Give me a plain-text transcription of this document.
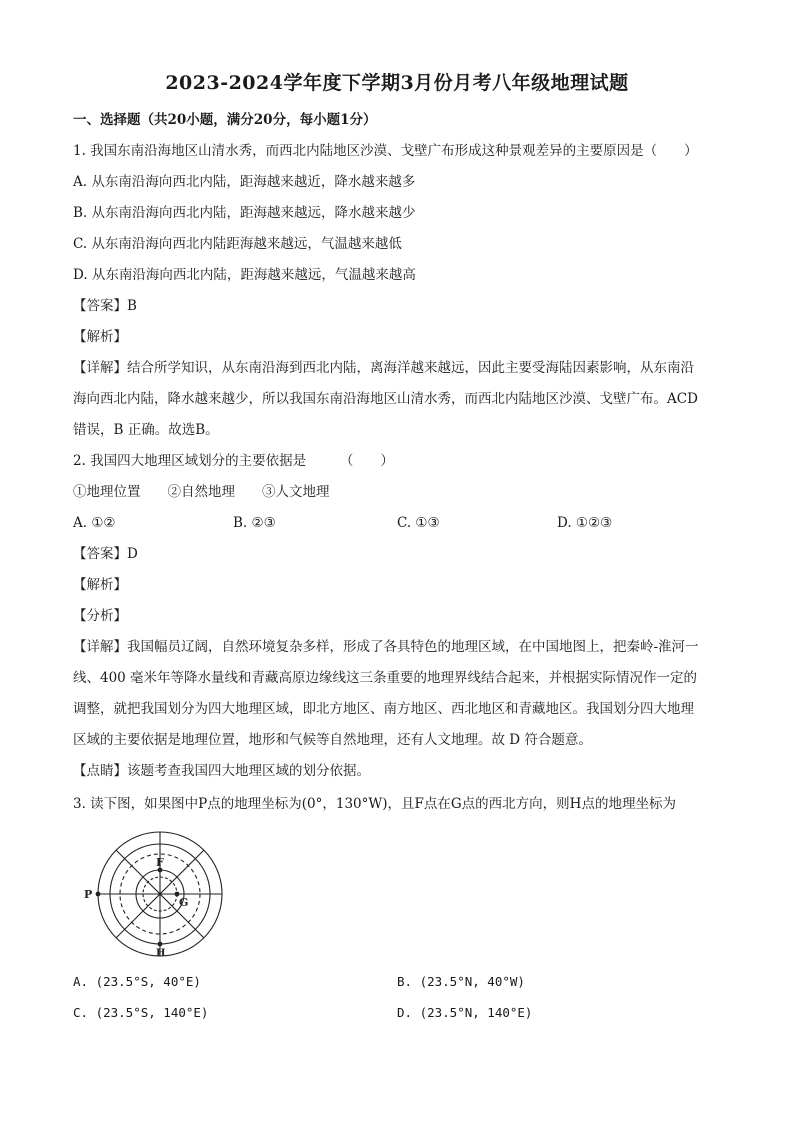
2023-2024学年度下学期3月份月考八年级地理试题
一、选择题（共20小题，满分20分，每小题1分）
1. 我国东南沿海地区山清水秀，而西北内陆地区沙漠、戈壁广布形成这种景观差异的主要原因是（　　）
A. 从东南沿海向西北内陆，距海越来越近，降水越来越多
B. 从东南沿海向西北内陆，距海越来越远，降水越来越少
C. 从东南沿海向西北内陆距海越来越远，气温越来越低
D. 从东南沿海向西北内陆，距海越来越远，气温越来越高
【答案】B
【解析】
【详解】结合所学知识，从东南沿海到西北内陆，离海洋越来越远，因此主要受海陆因素影响，从东南沿
海向西北内陆，降水越来越少，所以我国东南沿海地区山清水秀，而西北内陆地区沙漠、戈壁广布。ACD
错误，B 正确。故选B。
2. 我国四大地理区域划分的主要依据是　　　（　　）
①地理位置　　②自然地理　　③人文地理
A. ①②	B. ②③	C. ①③	D. ①②③
【答案】D
【解析】
【分析】
【详解】我国幅员辽阔，自然环境复杂多样，形成了各具特色的地理区域，在中国地图上，把秦岭-淮河一
线、400 毫米年等降水量线和青藏高原边缘线这三条重要的地理界线结合起来，并根据实际情况作一定的
调整，就把我国划分为四大地理区域，即北方地区、南方地区、西北地区和青藏地区。我国划分四大地理
区域的主要依据是地理位置，地形和气候等自然地理，还有人文地理。故 D 符合题意。
【点睛】该题考查我国四大地理区域的划分依据。
3. 读下图，如果图中P点的地理坐标为(0°，130°W)，且F点在G点的西北方向，则H点的地理坐标为
P
F
G
H
A. (23.5°S, 40°E)	B. (23.5°N, 40°W)
C. (23.5°S, 140°E)	D. (23.5°N, 140°E)
